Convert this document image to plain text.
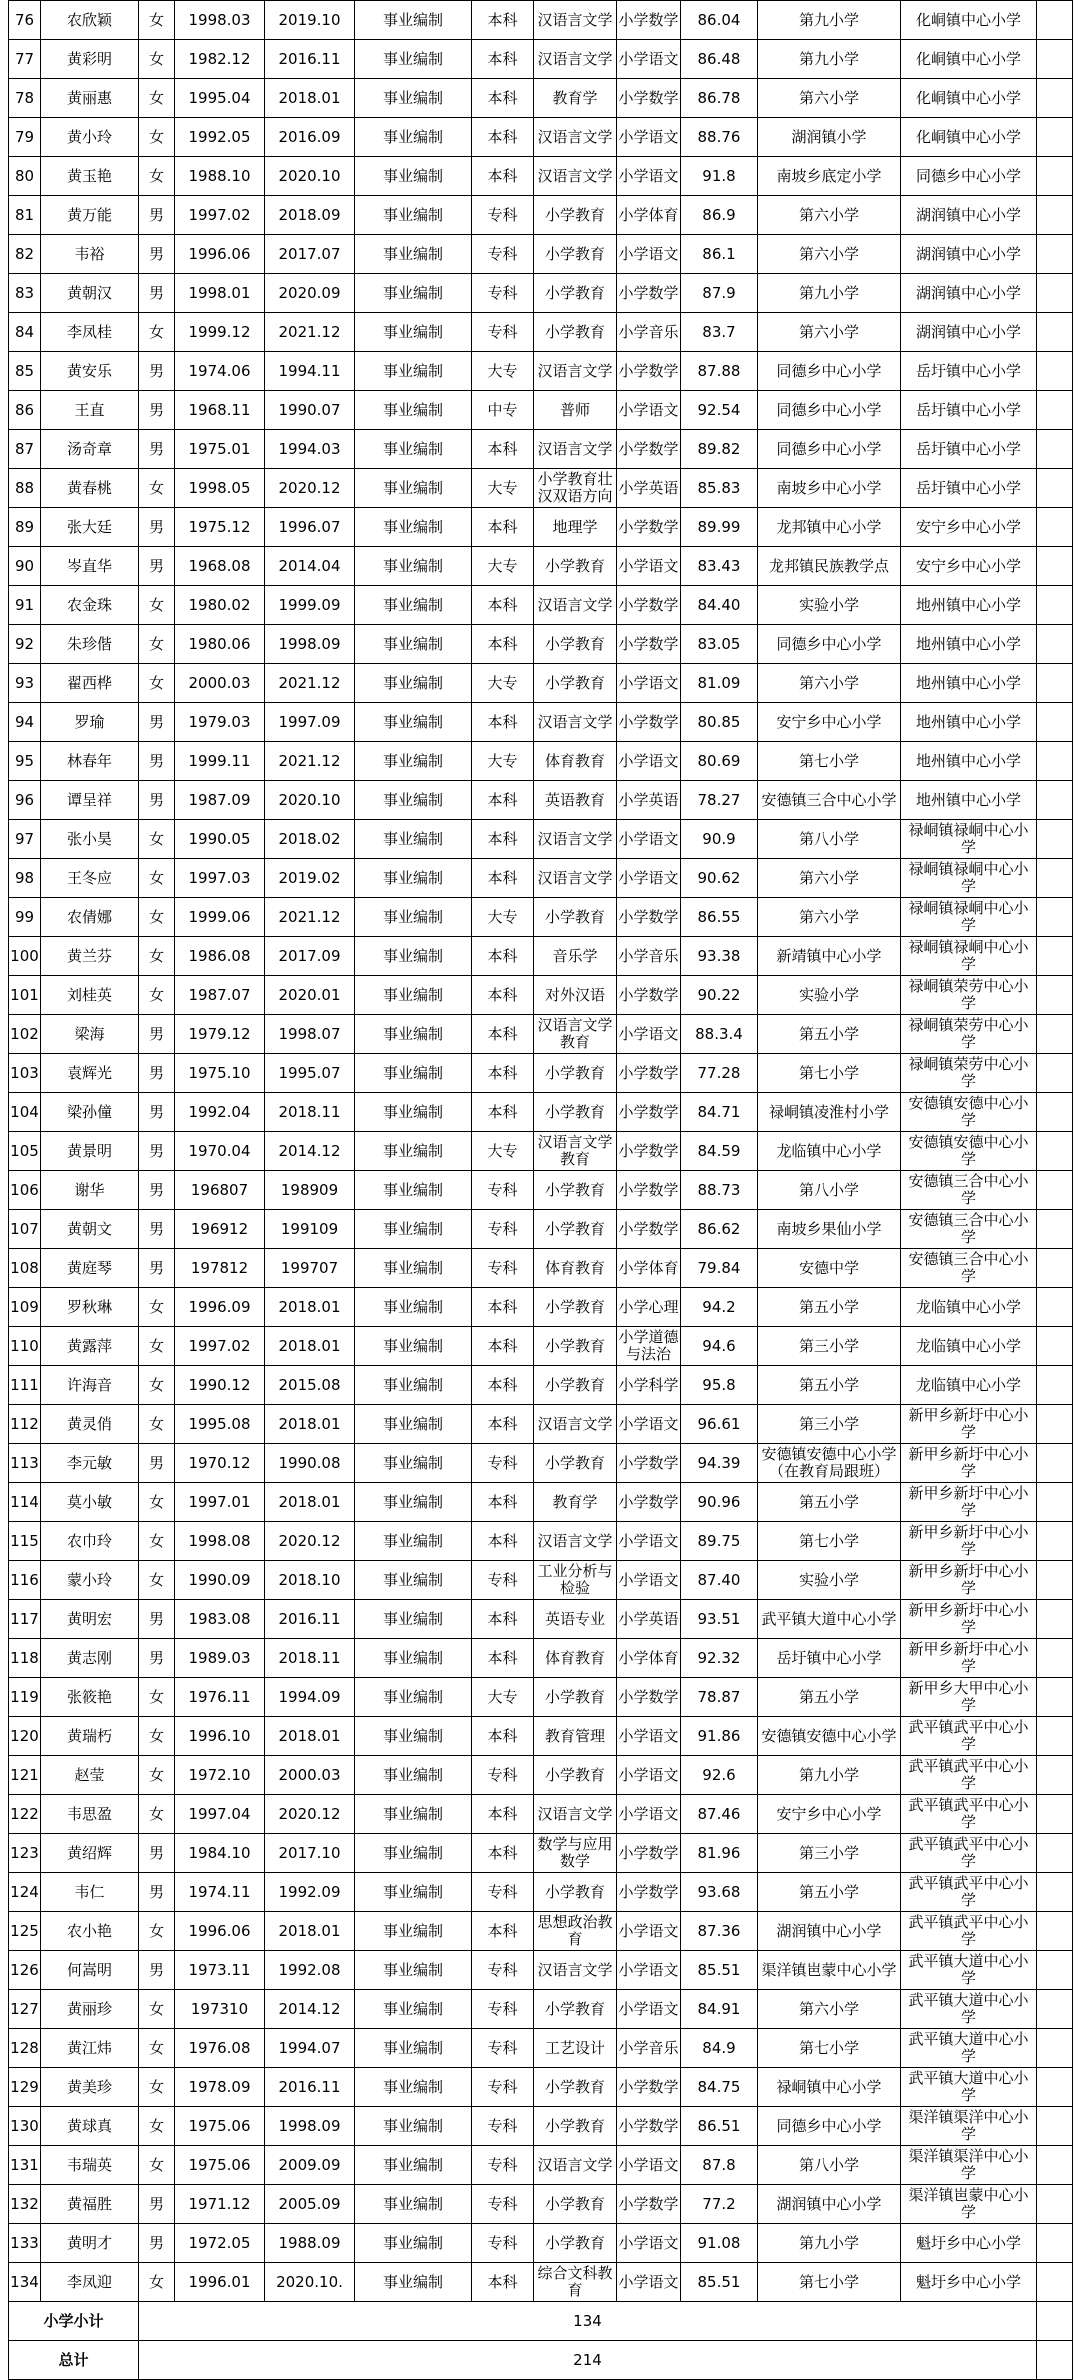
76	农欣颖	女	1998.03	2019.10	事业编制	本科	汉语言文学	小学数学	86.04	第九小学	化峒镇中心小学	
77	黄彩明	女	1982.12	2016.11	事业编制	本科	汉语言文学	小学语文	86.48	第九小学	化峒镇中心小学	
78	黄丽惠	女	1995.04	2018.01	事业编制	本科	教育学	小学数学	86.78	第六小学	化峒镇中心小学	
79	黄小玲	女	1992.05	2016.09	事业编制	本科	汉语言文学	小学语文	88.76	湖润镇小学	化峒镇中心小学	
80	黄玉艳	女	1988.10	2020.10	事业编制	本科	汉语言文学	小学语文	91.8	南坡乡底定小学	同德乡中心小学	
81	黄万能	男	1997.02	2018.09	事业编制	专科	小学教育	小学体育	86.9	第六小学	湖润镇中心小学	
82	韦裕	男	1996.06	2017.07	事业编制	专科	小学教育	小学语文	86.1	第六小学	湖润镇中心小学	
83	黄朝汉	男	1998.01	2020.09	事业编制	专科	小学教育	小学数学	87.9	第九小学	湖润镇中心小学	
84	李凤桂	女	1999.12	2021.12	事业编制	专科	小学教育	小学音乐	83.7	第六小学	湖润镇中心小学	
85	黄安乐	男	1974.06	1994.11	事业编制	大专	汉语言文学	小学数学	87.88	同德乡中心小学	岳圩镇中心小学	
86	王直	男	1968.11	1990.07	事业编制	中专	普师	小学语文	92.54	同德乡中心小学	岳圩镇中心小学	
87	汤奇章	男	1975.01	1994.03	事业编制	本科	汉语言文学	小学数学	89.82	同德乡中心小学	岳圩镇中心小学	
88	黄春桃	女	1998.05	2020.12	事业编制	大专	小学教育壮汉双语方向	小学英语	85.83	南坡乡中心小学	岳圩镇中心小学	
89	张大廷	男	1975.12	1996.07	事业编制	本科	地理学	小学数学	89.99	龙邦镇中心小学	安宁乡中心小学	
90	岑直华	男	1968.08	2014.04	事业编制	大专	小学教育	小学语文	83.43	龙邦镇民族教学点	安宁乡中心小学	
91	农金珠	女	1980.02	1999.09	事业编制	本科	汉语言文学	小学数学	84.40	实验小学	地州镇中心小学	
92	朱珍偕	女	1980.06	1998.09	事业编制	本科	小学教育	小学数学	83.05	同德乡中心小学	地州镇中心小学	
93	翟西桦	女	2000.03	2021.12	事业编制	大专	小学教育	小学语文	81.09	第六小学	地州镇中心小学	
94	罗瑜	男	1979.03	1997.09	事业编制	本科	汉语言文学	小学数学	80.85	安宁乡中心小学	地州镇中心小学	
95	林春年	男	1999.11	2021.12	事业编制	大专	体育教育	小学语文	80.69	第七小学	地州镇中心小学	
96	谭呈祥	男	1987.09	2020.10	事业编制	本科	英语教育	小学英语	78.27	安德镇三合中心小学	地州镇中心小学	
97	张小昊	女	1990.05	2018.02	事业编制	本科	汉语言文学	小学语文	90.9	第八小学	禄峒镇禄峒中心小学	
98	王冬应	女	1997.03	2019.02	事业编制	本科	汉语言文学	小学语文	90.62	第六小学	禄峒镇禄峒中心小学	
99	农倩娜	女	1999.06	2021.12	事业编制	大专	小学教育	小学数学	86.55	第六小学	禄峒镇禄峒中心小学	
100	黄兰芬	女	1986.08	2017.09	事业编制	本科	音乐学	小学音乐	93.38	新靖镇中心小学	禄峒镇禄峒中心小学	
101	刘桂英	女	1987.07	2020.01	事业编制	本科	对外汉语	小学数学	90.22	实验小学	禄峒镇荣劳中心小学	
102	梁海	男	1979.12	1998.07	事业编制	本科	汉语言文学教育	小学语文	88.3.4	第五小学	禄峒镇荣劳中心小学	
103	袁辉光	男	1975.10	1995.07	事业编制	本科	小学教育	小学数学	77.28	第七小学	禄峒镇荣劳中心小学	
104	梁孙僮	男	1992.04	2018.11	事业编制	本科	小学教育	小学数学	84.71	禄峒镇凌淮村小学	安德镇安德中心小学	
105	黄景明	男	1970.04	2014.12	事业编制	大专	汉语言文学教育	小学数学	84.59	龙临镇中心小学	安德镇安德中心小学	
106	谢华	男	196807	198909	事业编制	专科	小学教育	小学数学	88.73	第八小学	安德镇三合中心小学	
107	黄朝文	男	196912	199109	事业编制	专科	小学教育	小学数学	86.62	南坡乡果仙小学	安德镇三合中心小学	
108	黄庭琴	男	197812	199707	事业编制	专科	体育教育	小学体育	79.84	安德中学	安德镇三合中心小学	
109	罗秋琳	女	1996.09	2018.01	事业编制	本科	小学教育	小学心理	94.2	第五小学	龙临镇中心小学	
110	黄露萍	女	1997.02	2018.01	事业编制	本科	小学教育	小学道德与法治	94.6	第三小学	龙临镇中心小学	
111	许海音	女	1990.12	2015.08	事业编制	本科	小学教育	小学科学	95.8	第五小学	龙临镇中心小学	
112	黄灵俏	女	1995.08	2018.01	事业编制	本科	汉语言文学	小学语文	96.61	第三小学	新甲乡新圩中心小学	
113	李元敏	男	1970.12	1990.08	事业编制	专科	小学教育	小学数学	94.39	安德镇安德中心小学（在教育局跟班）	新甲乡新圩中心小学	
114	莫小敏	女	1997.01	2018.01	事业编制	本科	教育学	小学数学	90.96	第五小学	新甲乡新圩中心小学	
115	农巾玲	女	1998.08	2020.12	事业编制	本科	汉语言文学	小学语文	89.75	第七小学	新甲乡新圩中心小学	
116	蒙小玲	女	1990.09	2018.10	事业编制	专科	工业分析与检验	小学语文	87.40	实验小学	新甲乡新圩中心小学	
117	黄明宏	男	1983.08	2016.11	事业编制	本科	英语专业	小学英语	93.51	武平镇大道中心小学	新甲乡新圩中心小学	
118	黄志刚	男	1989.03	2018.11	事业编制	本科	体育教育	小学体育	92.32	岳圩镇中心小学	新甲乡新圩中心小学	
119	张筱艳	女	1976.11	1994.09	事业编制	大专	小学教育	小学数学	78.87	第五小学	新甲乡大甲中心小学	
120	黄瑞朽	女	1996.10	2018.01	事业编制	本科	教育管理	小学语文	91.86	安德镇安德中心小学	武平镇武平中心小学	
121	赵莹	女	1972.10	2000.03	事业编制	专科	小学教育	小学语文	92.6	第九小学	武平镇武平中心小学	
122	韦思盈	女	1997.04	2020.12	事业编制	本科	汉语言文学	小学语文	87.46	安宁乡中心小学	武平镇武平中心小学	
123	黄绍辉	男	1984.10	2017.10	事业编制	本科	数学与应用数学	小学数学	81.96	第三小学	武平镇武平中心小学	
124	韦仁	男	1974.11	1992.09	事业编制	专科	小学教育	小学数学	93.68	第五小学	武平镇武平中心小学	
125	农小艳	女	1996.06	2018.01	事业编制	本科	思想政治教育	小学语文	87.36	湖润镇中心小学	武平镇武平中心小学	
126	何嵩明	男	1973.11	1992.08	事业编制	专科	汉语言文学	小学语文	85.51	渠洋镇岜蒙中心小学	武平镇大道中心小学	
127	黄丽珍	女	197310	2014.12	事业编制	专科	小学教育	小学语文	84.91	第六小学	武平镇大道中心小学	
128	黄江炜	女	1976.08	1994.07	事业编制	专科	工艺设计	小学音乐	84.9	第七小学	武平镇大道中心小学	
129	黄美珍	女	1978.09	2016.11	事业编制	专科	小学教育	小学数学	84.75	禄峒镇中心小学	武平镇大道中心小学	
130	黄球真	女	1975.06	1998.09	事业编制	专科	小学教育	小学数学	86.51	同德乡中心小学	渠洋镇渠洋中心小学	
131	韦瑞英	女	1975.06	2009.09	事业编制	专科	汉语言文学	小学语文	87.8	第八小学	渠洋镇渠洋中心小学	
132	黄福胜	男	1971.12	2005.09	事业编制	专科	小学教育	小学数学	77.2	湖润镇中心小学	渠洋镇岜蒙中心小学	
133	黄明才	男	1972.05	1988.09	事业编制	专科	小学教育	小学语文	91.08	第九小学	魁圩乡中心小学	
134	李凤迎	女	1996.01	2020.10.	事业编制	本科	综合文科教育	小学语文	85.51	第七小学	魁圩乡中心小学	
小学小计		134										
总计		214										
